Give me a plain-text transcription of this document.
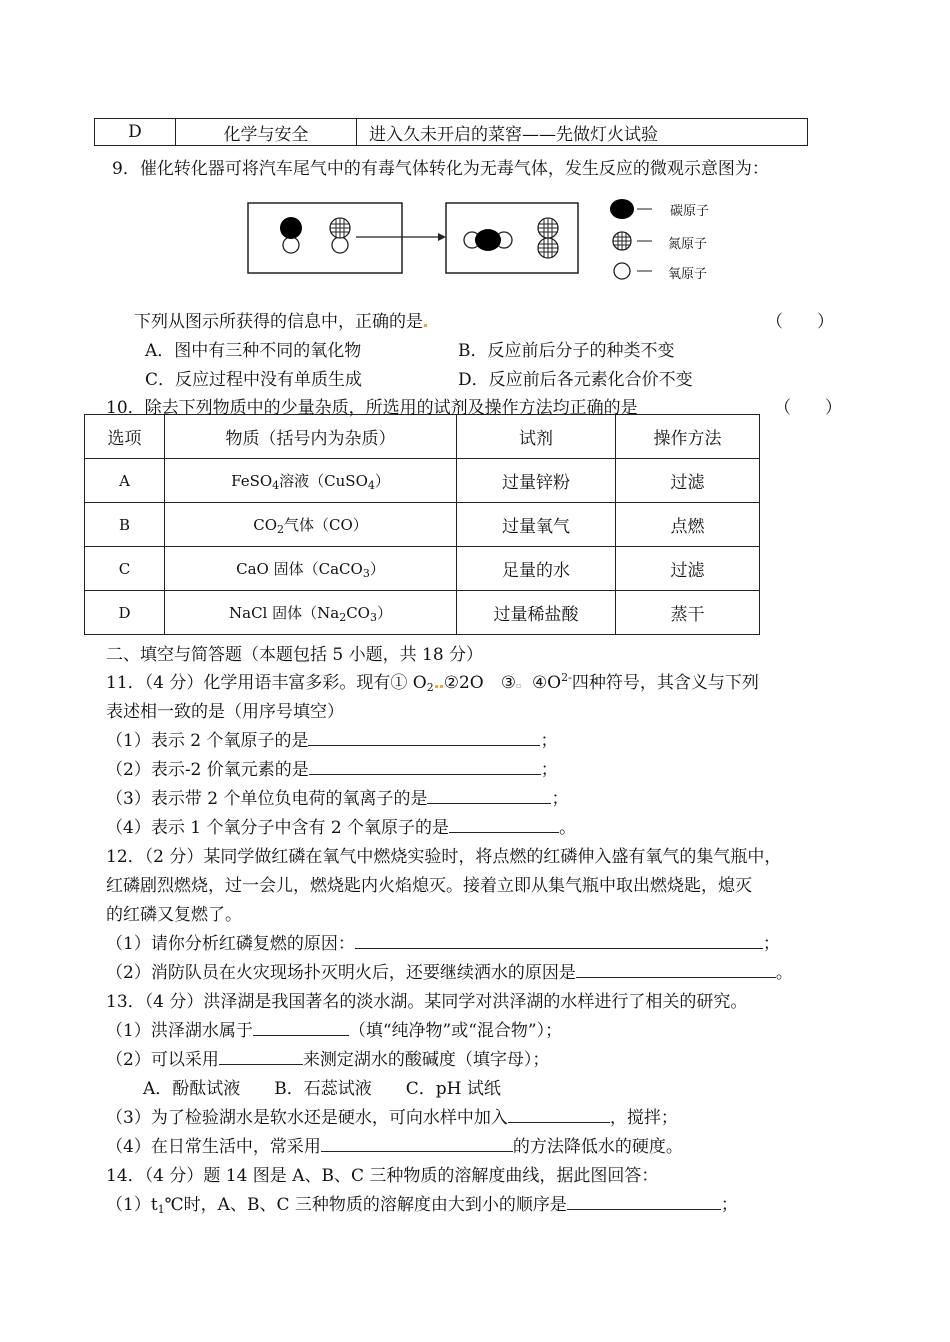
D	化学与安全	进入久未开启的菜窖——先做灯火试验
9．催化转化器可将汽车尾气中的有毒气体转化为无毒气体，发生反应的微观示意图为：
碳原子
氮原子
氧原子
下列从图示所获得的信息中，正确的是	（　　）
A．图中有三种不同的氧化物	B．反应前后分子的种类不变
C．反应过程中没有单质生成	D．反应前后各元素化合价不变
10．除去下列物质中的少量杂质，所选用的试剂及操作方法均正确的是	（　　）
选项	物质（括号内为杂质）	试剂	操作方法
A	FeSO$_4$溶液（CuSO$_4$）	过量锌粉	过滤
B	$CO_2$气体（CO）	过量氧气	点燃
C	CaO 固体（CaCO$_3$）	足量的水	过滤
D	NaCl 固体$(Na_2CO_3)$	过量稀盐酸	蒸干
二、填空与简答题（本题包括 5 小题，共 18 分）
11．（4 分）化学用语丰富多彩。现有① $O_2$ ②2O　③▫ $④O^{2-}$四种符号，其含义与下列
表述相一致的是（用序号填空）
（1）表示 2 个氧原子的是	；
（2）表示-2 价氧元素的是	；
（3）表示带 2 个单位负电荷的氧离子的是	；
（4）表示 1 个氧分子中含有 2 个氧原子的是	。
12．（2 分）某同学做红磷在氧气中燃烧实验时，将点燃的红磷伸入盛有氧气的集气瓶中，
红磷剧烈燃烧，过一会儿，燃烧匙内火焰熄灭。接着立即从集气瓶中取出燃烧匙，熄灭
的红磷又复燃了。
（1）请你分析红磷复燃的原因：	；
（2）消防队员在火灾现场扑灭明火后，还要继续洒水的原因是	。
13．（4 分）洪泽湖是我国著名的淡水湖。某同学对洪泽湖的水样进行了相关的研究。
（1）洪泽湖水属于	（填“纯净物”或“混合物”）；
（2）可以采用	来测定湖水的酸碱度（填字母）；
A．酚酞试液　　B．石蕊试液　　C．pH 试纸
（3）为了检验湖水是软水还是硬水，可向水样中加入	，搅拌；
（4）在日常生活中，常采用	的方法降低水的硬度。
14．（4 分）题 14 图是 A、B、C 三种物质的溶解度曲线，据此图回答：
$(1)t_1℃$时，A、B、C 三种物质的溶解度由大到小的顺序是	；
